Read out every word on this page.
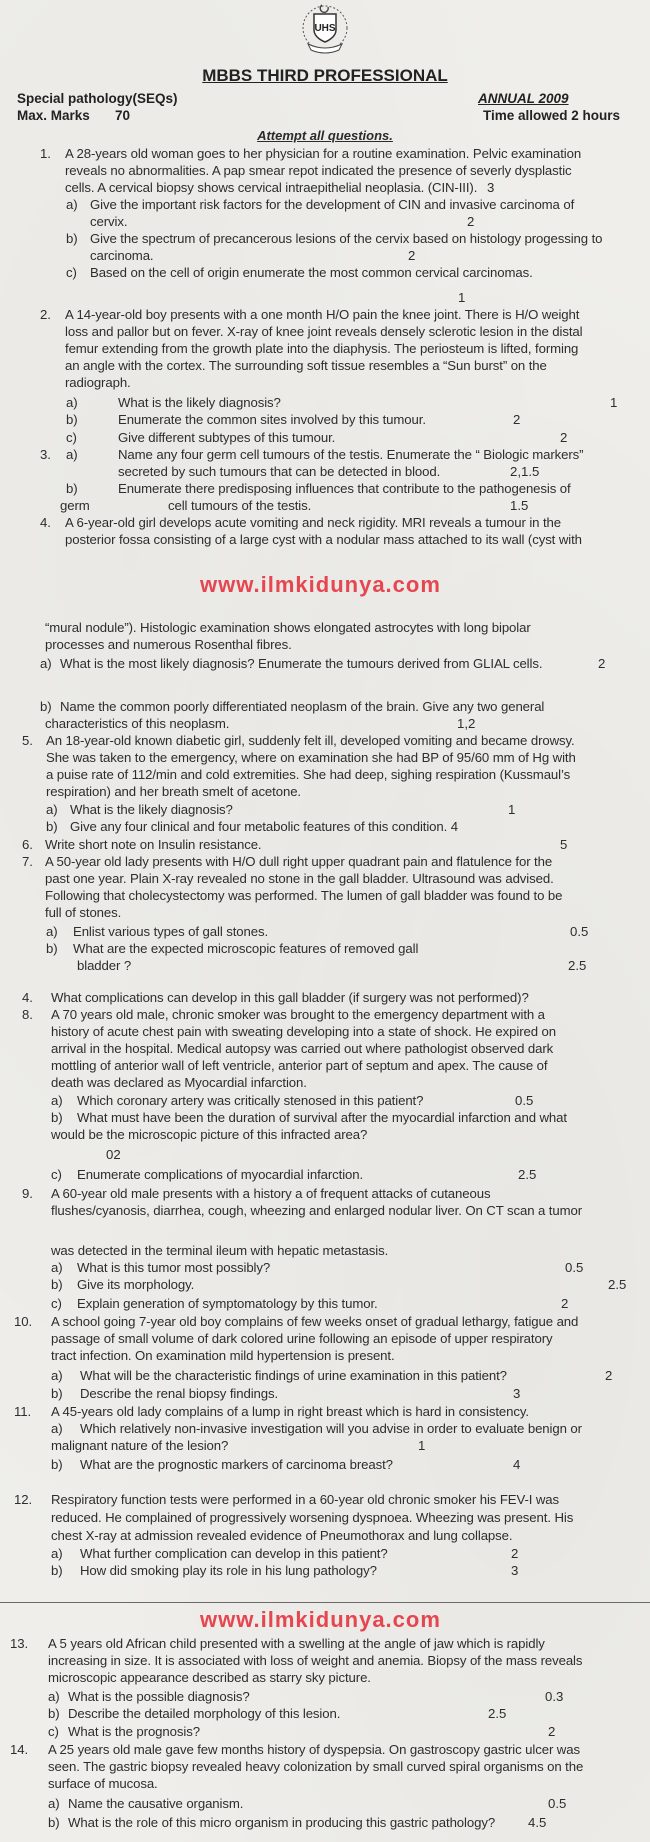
UHS
MBBS THIRD PROFESSIONAL
Special pathology(SEQs)
Max. Marks 70
ANNUAL 2009
Time allowed 2 hours
Attempt all questions.
1. A 28-years old woman goes to her physician for a routine examination. Pelvic examination
reveals no abnormalities. A pap smear repot indicated the presence of severly dysplastic
cells. A cervical biopsy shows cervical intraepithelial neoplasia. (CIN-III). 3
a) Give the important risk factors for the development of CIN and invasive carcinoma of
cervix.	2
b) Give the spectrum of precancerous lesions of the cervix based on histology progessing to
carcinoma.	2
c) Based on the cell of origin enumerate the most common cervical carcinomas.
1
2. A 14-year-old boy presents with a one month H/O pain the knee joint. There is H/O weight
loss and pallor but on fever. X-ray of knee joint reveals densely sclerotic lesion in the distal
femur extending from the growth plate into the diaphysis. The periosteum is lifted, forming
an angle with the cortex. The surrounding soft tissue resembles a “Sun burst” on the
radiograph.
a)	What is the likely diagnosis?	1
b)	Enumerate the common sites involved by this tumour.	2
c)	Give different subtypes of this tumour.	2
3. a)	Name any four germ cell tumours of the testis. Enumerate the “ Biologic markers”
secreted by such tumours that can be detected in blood.	2,1.5
b)	Enumerate there predisposing influences that contribute to the pathogenesis of
germ	cell tumours of the testis.	1.5
4. A 6-year-old girl develops acute vomiting and neck rigidity. MRI reveals a tumour in the
posterior fossa consisting of a large cyst with a nodular mass attached to its wall (cyst with
“mural nodule”). Histologic examination shows elongated astrocytes with long bipolar
processes and numerous Rosenthal fibres.
a) What is the most likely diagnosis? Enumerate the tumours derived from GLIAL cells.	2
b) Name the common poorly differentiated neoplasm of the brain. Give any two general
characteristics of this neoplasm.	1,2
5. An 18-year-old known diabetic girl, suddenly felt ill, developed vomiting and became drowsy.
She was taken to the emergency, where on examination she had BP of 95/60 mm of Hg with
a puise rate of 112/min and cold extremities. She had deep, sighing respiration (Kussmaul’s
respiration) and her breath smelt of acetone.
a) What is the likely diagnosis?	1
b) Give any four clinical and four metabolic features of this condition. 4
6. Write short note on Insulin resistance.	5
7. A 50-year old lady presents with H/O dull right upper quadrant pain and flatulence for the
past one year. Plain X-ray revealed no stone in the gall bladder. Ultrasound was advised.
Following that cholecystectomy was performed. The lumen of gall bladder was found to be
full of stones.
a) Enlist various types of gall stones.	0.5
b) What are the expected microscopic features of removed gall
bladder ?	2.5
4. What complications can develop in this gall bladder (if surgery was not performed)?
8. A 70 years old male, chronic smoker was brought to the emergency department with a
history of acute chest pain with sweating developing into a state of shock. He expired on
arrival in the hospital. Medical autopsy was carried out where pathologist observed dark
mottling of anterior wall of left ventricle, anterior part of septum and apex. The cause of
death was declared as Myocardial infarction.
a) Which coronary artery was critically stenosed in this patient?	0.5
b) What must have been the duration of survival after the myocardial infarction and what
would be the microscopic picture of this infracted area?
02
c) Enumerate complications of myocardial infarction.	2.5
9. A 60-year old male presents with a history a of frequent attacks of cutaneous
flushes/cyanosis, diarrhea, cough, wheezing and enlarged nodular liver. On CT scan a tumor
was detected in the terminal ileum with hepatic metastasis.
a) What is this tumor most possibly?	0.5
b) Give its morphology.	2.5
c) Explain generation of symptomatology by this tumor.	2
10. A school going 7-year old boy complains of few weeks onset of gradual lethargy, fatigue and
passage of small volume of dark colored urine following an episode of upper respiratory
tract infection. On examination mild hypertension is present.
a) What will be the characteristic findings of urine examination in this patient?	2
b) Describe the renal biopsy findings.	3
11. A 45-years old lady complains of a lump in right breast which is hard in consistency.
a) Which relatively non-invasive investigation will you advise in order to evaluate benign or
malignant nature of the lesion?	1
b) What are the prognostic markers of carcinoma breast?	4
12. Respiratory function tests were performed in a 60-year old chronic smoker his FEV-I was
reduced. He complained of progressively worsening dyspnoea. Wheezing was present. His
chest X-ray at admission revealed evidence of Pneumothorax and lung collapse.
a) What further complication can develop in this patient?	2
b) How did smoking play its role in his lung pathology?	3
13. A 5 years old African child presented with a swelling at the angle of jaw which is rapidly
increasing in size. It is associated with loss of weight and anemia. Biopsy of the mass reveals
microscopic appearance described as starry sky picture.
a) What is the possible diagnosis?	0.3
b) Describe the detailed morphology of this lesion.	2.5
c) What is the prognosis?	2
14. A 25 years old male gave few months history of dyspepsia. On gastroscopy gastric ulcer was
seen. The gastric biopsy revealed heavy colonization by small curved spiral organisms on the
surface of mucosa.
a) Name the causative organism.	0.5
b) What is the role of this micro organism in producing this gastric pathology? 4.5
www.ilmkidunya.com
www.ilmkidunya.com
